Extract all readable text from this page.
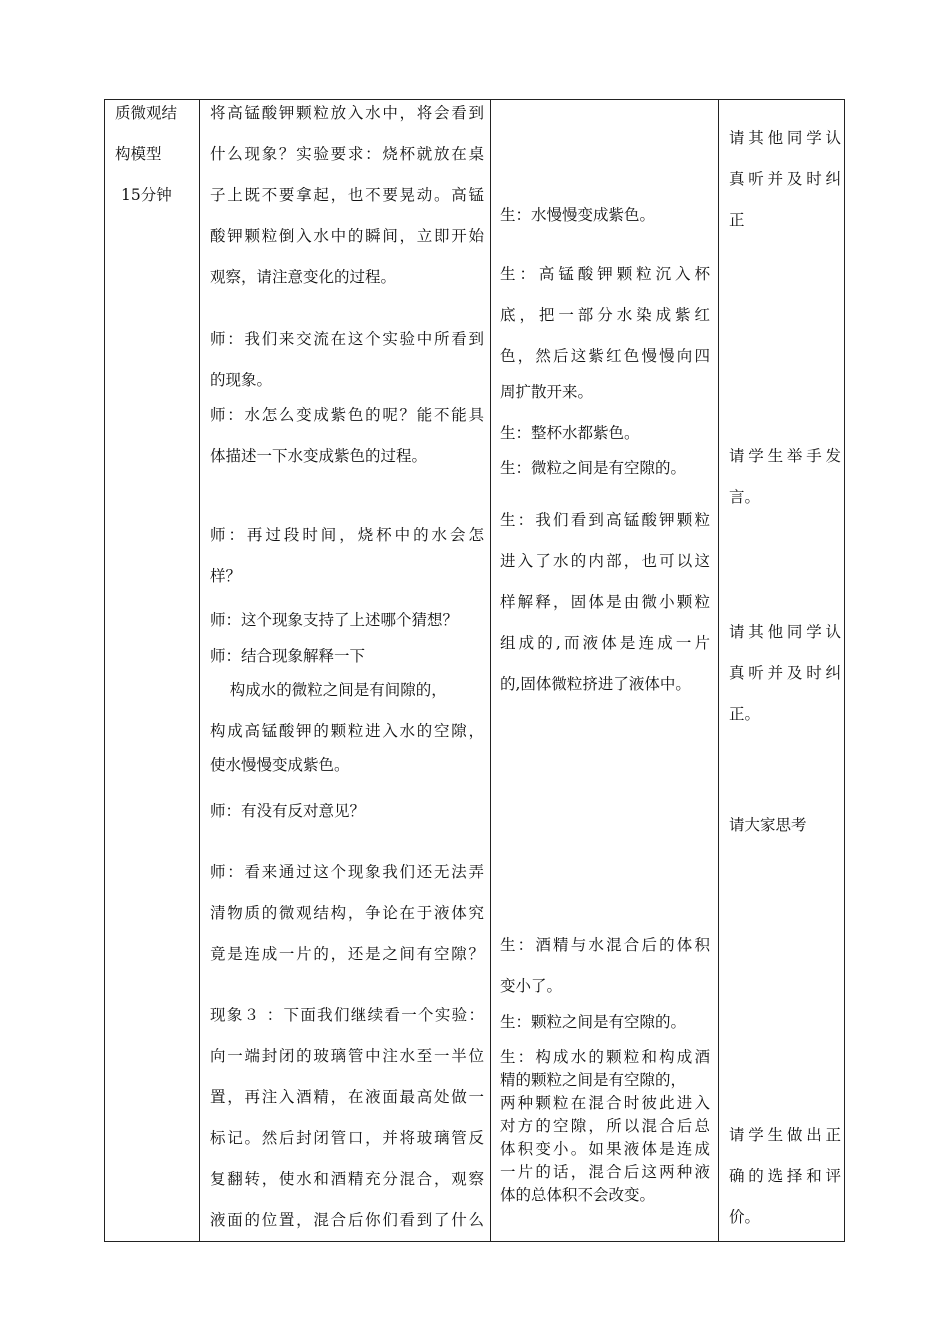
质微观结
构模型
15分钟
将高锰酸钾颗粒放入水中，将会看到
什么现象？实验要求：烧杯就放在桌
子上既不要拿起，也不要晃动。高锰
酸钾颗粒倒入水中的瞬间，立即开始
观察，请注意变化的过程。
师：我们来交流在这个实验中所看到
的现象。
师：水怎么变成紫色的呢？能不能具
体描述一下水变成紫色的过程。
师：再过段时间，烧杯中的水会怎
样？
师：这个现象支持了上述哪个猜想？
师：结合现象解释一下
构成水的微粒之间是有间隙的，
构成高锰酸钾的颗粒进入水的空隙，
使水慢慢变成紫色。
师：有没有反对意见？
师：看来通过这个现象我们还无法弄
清物质的微观结构，争论在于液体究
竟是连成一片的，还是之间有空隙？
现象３ ：下面我们继续看一个实验：
向一端封闭的玻璃管中注水至一半位
置，再注入酒精，在液面最高处做一
标记。然后封闭管口，并将玻璃管反
复翻转，使水和酒精充分混合，观察
液面的位置，混合后你们看到了什么
生：水慢慢变成紫色。
生：高锰酸钾颗粒沉入杯
底，把一部分水染成紫红
色，然后这紫红色慢慢向四
周扩散开来。
生：整杯水都紫色。
生：微粒之间是有空隙的。
生：我们看到高锰酸钾颗粒
进入了水的内部，也可以这
样解释，固体是由微小颗粒
组成的,而液体是连成一片
的,固体微粒挤进了液体中。
生：酒精与水混合后的体积
变小了。
生：颗粒之间是有空隙的。
生：构成水的颗粒和构成酒
精的颗粒之间是有空隙的，
两种颗粒在混合时彼此进入
对方的空隙，所以混合后总
体积变小。如果液体是连成
一片的话，混合后这两种液
体的总体积不会改变。
请其他同学认
真听并及时纠
正
请学生举手发
言。
请其他同学认
真听并及时纠
正。
请大家思考
请学生做出正
确的选择和评
价。
